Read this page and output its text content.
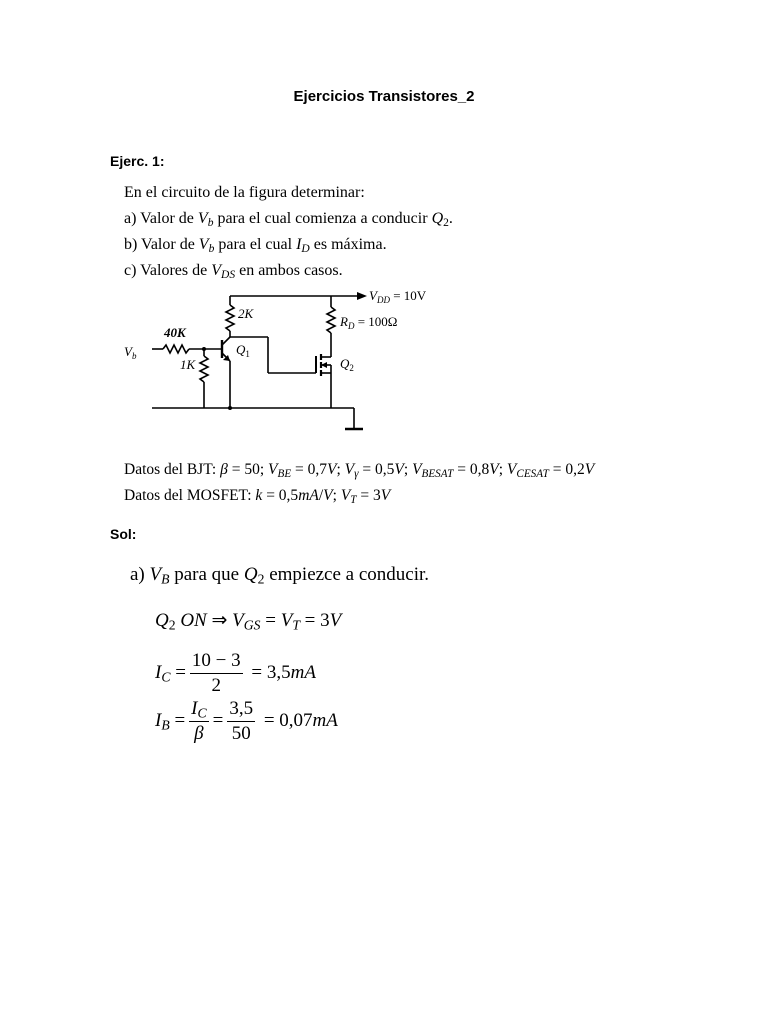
Ejercicios Transistores_2
Ejerc. 1:
En el circuito de la figura determinar:
a) Valor de $V_b$ para el cual comienza a conducir $Q_2$.
b) Valor de $V_b$ para el cual $I_D$ es máxima.
c) Valores de $V_{DS}$ en ambos casos.
$V_{DD} = 10V$
$R_D = 100\Omega$
2K
40K
1K
$V_b$	$Q_1$
$Q_2$
Datos del BJT: β = 50; $V_{BE} = 0,7V$; $V_\gamma = 0,5V$; $V_{BESAT} = 0,8V$; $V_{CESAT} = 0,2V$
Datos del MOSFET: k = 0,5mA/V; $V_T = 3V$
Sol:
a) $V_B$ para que $Q_2$ empiezce a conducir.
$Q_2$ ON ⇒ $V_{GS} = V_T = 3V$
$I_C = \frac{10 - 3}{2} = 3,5mA$
$I_B = \frac{I_C}{\beta} = \frac{3,5}{50} = 0,07mA$
